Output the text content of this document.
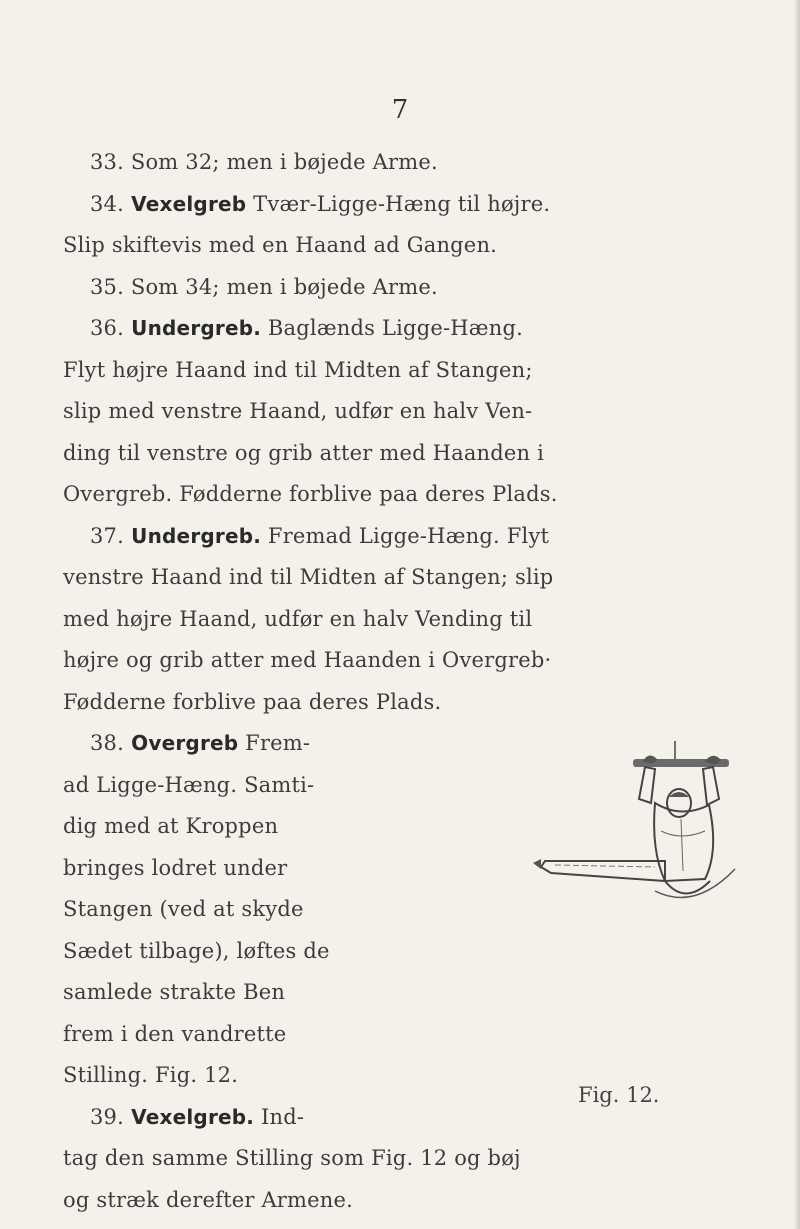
7
33. Som 32; men i bøjede Arme.
34. Vexelgreb Tvær-Ligge-Hæng til højre.
Slip skiftevis med en Haand ad Gangen.
35. Som 34; men i bøjede Arme.
36. Undergreb. Baglænds Ligge-Hæng.
Flyt højre Haand ind til Midten af Stangen;
slip med venstre Haand, udfør en halv Ven-
ding til venstre og grib atter med Haanden i
Overgreb. Fødderne forblive paa deres Plads.
37. Undergreb. Fremad Ligge-Hæng. Flyt
venstre Haand ind til Midten af Stangen; slip
med højre Haand, udfør en halv Vending til
højre og grib atter med Haanden i Overgreb·
Fødderne forblive paa deres Plads.
38. Overgreb Frem-
ad Ligge-Hæng. Samti-
dig med at Kroppen
bringes lodret under
Stangen (ved at skyde
Sædet tilbage), løftes de
samlede strakte Ben
frem i den vandrette
Stilling. Fig. 12.
39. Vexelgreb. Ind-
Fig. 12.
tag den samme Stilling som Fig. 12 og bøj
og stræk derefter Armene.
